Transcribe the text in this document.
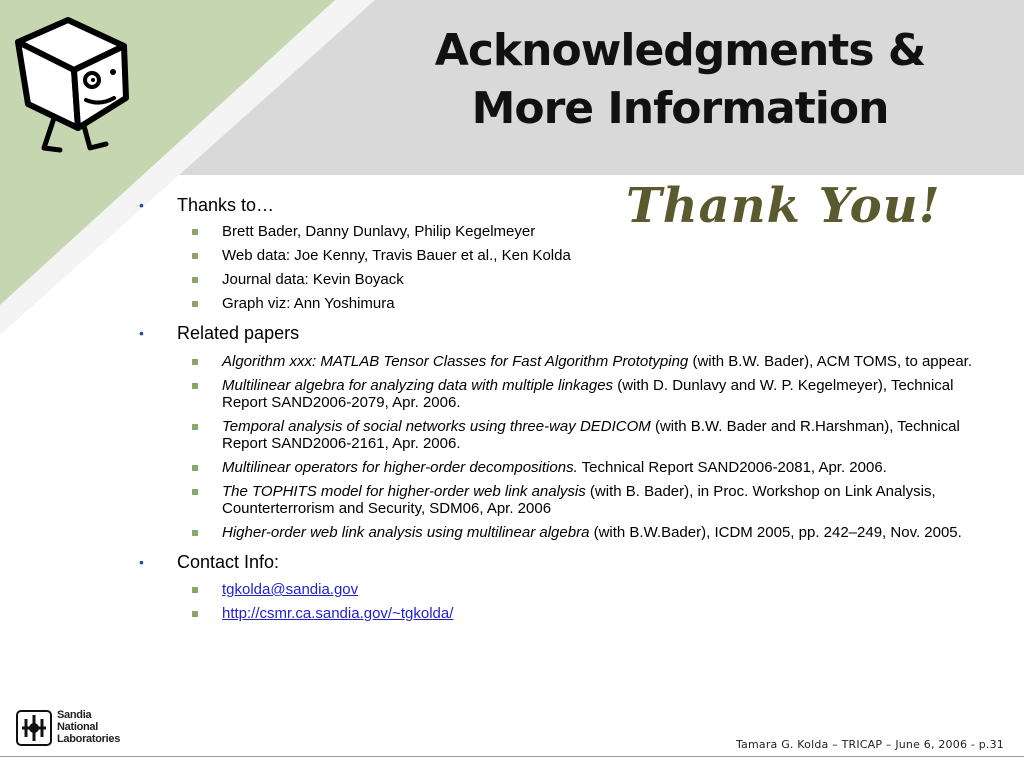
Acknowledgments &
More Information
Thank You!
• Thanks to…
Brett Bader, Danny Dunlavy, Philip Kegelmeyer
Web data: Joe Kenny, Travis Bauer et al., Ken Kolda
Journal data: Kevin Boyack
Graph viz: Ann Yoshimura
• Related papers
Algorithm xxx: MATLAB Tensor Classes for Fast Algorithm Prototyping (with B.W. Bader), ACM TOMS, to appear.
Multilinear algebra for analyzing data with multiple linkages (with D. Dunlavy and W. P. Kegelmeyer), Technical Report SAND2006-2079, Apr. 2006.
Temporal analysis of social networks using three-way DEDICOM (with B.W. Bader and R.Harshman), Technical Report SAND2006-2161, Apr. 2006.
Multilinear operators for higher-order decompositions. Technical Report SAND2006-2081, Apr. 2006.
The TOPHITS model for higher-order web link analysis (with B. Bader), in Proc. Workshop on Link Analysis, Counterterrorism and Security, SDM06, Apr. 2006
Higher-order web link analysis using multilinear algebra (with B.W.Bader), ICDM 2005, pp. 242–249, Nov. 2005.
• Contact Info:
tgkolda@sandia.gov
http://csmr.ca.sandia.gov/~tgkolda/
Sandia
National
Laboratories	Tamara G. Kolda – TRICAP – June 6, 2006 - p.31
